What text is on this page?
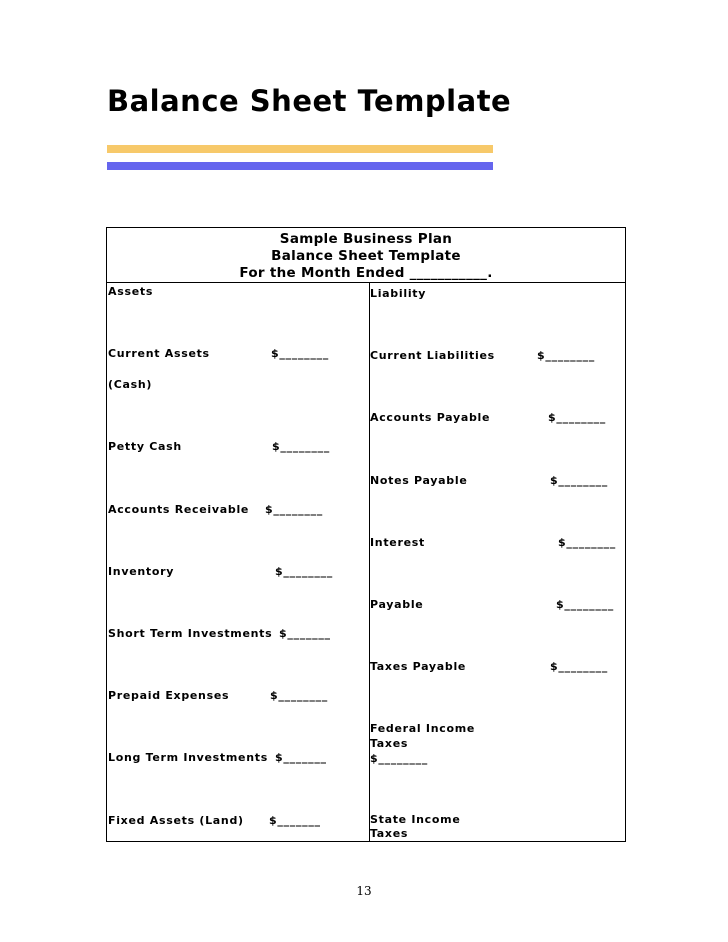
Balance Sheet Template
Sample Business Plan
Balance Sheet Template
For the Month Ended ___________.
Assets
Current Assets	$________
(Cash)
Petty Cash	$________
Accounts Receivable $________
Inventory	$________
Short Term Investments $_______
Prepaid Expenses	$________
Long Term Investments $_______
Fixed Assets (Land) $_______
Liability
Current Liabilities	$________
Accounts Payable	$________
Notes Payable	$________
Interest	$________
Payable	$________
Taxes Payable	$________
Federal Income
Taxes
$________
State Income
Taxes
13
